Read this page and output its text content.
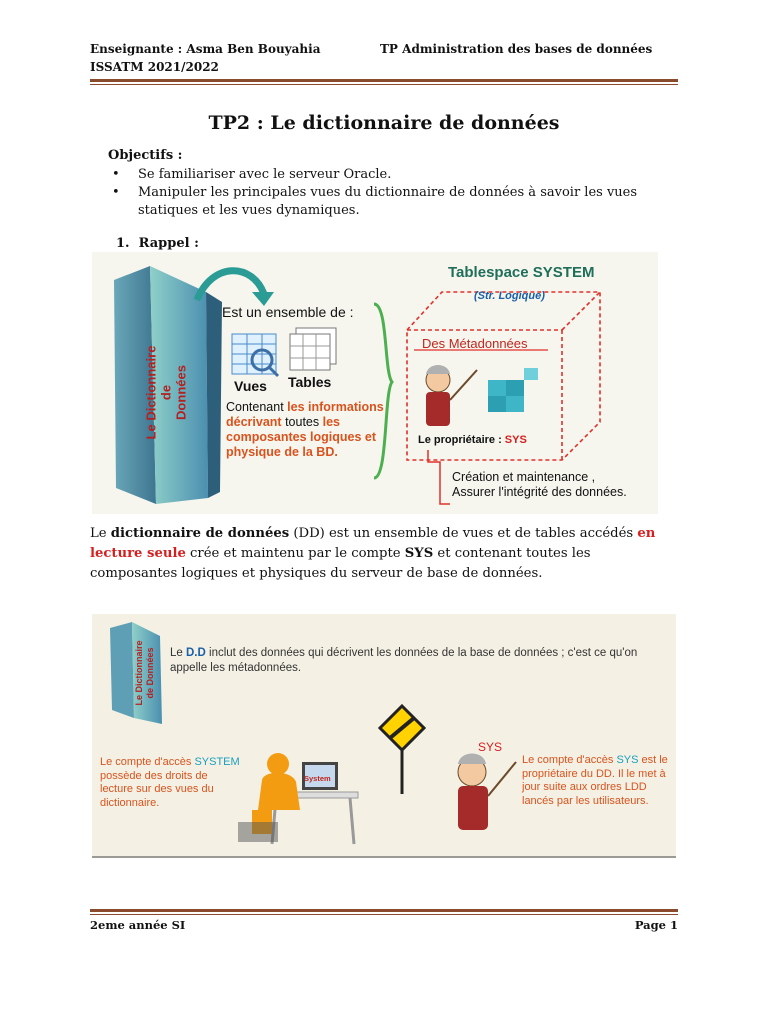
Enseignante : Asma Ben Bouyahia	TP Administration des bases de données
ISSATM 2021/2022
TP2 : Le dictionnaire de données
Objectifs :
• Se familiariser avec le serveur Oracle.
• Manipuler les principales vues du dictionnaire de données à savoir les vues statiques et les vues dynamiques.
1. Rappel :
Le Dictionnaire de Données
Est un ensemble de :
Vues Tables
Contenant les informations décrivant toutes les composantes logiques et physique de la BD.
Tablespace SYSTEM
(Str. Logique)
Des Métadonnées
Le propriétaire : SYS
Création et maintenance ,
Assurer l'intégrité des données.
Le dictionnaire de données (DD) est un ensemble de vues et de tables accédés en lecture seule crée et maintenu par le compte SYS et contenant toutes les composantes logiques et physiques du serveur de base de données.
Le Dictionnaire de Données Le D.D inclut des données qui décrivent les données de la base de données ; c'est ce qu'on appelle les métadonnées.
Le compte d'accès SYSTEM possède des droits de lecture sur des vues du dictionnaire.
System
SYS
Le compte d'accès SYS est le propriétaire du DD. Il le met à jour suite aux ordres LDD lancés par les utilisateurs.
2eme année SI	Page 1
